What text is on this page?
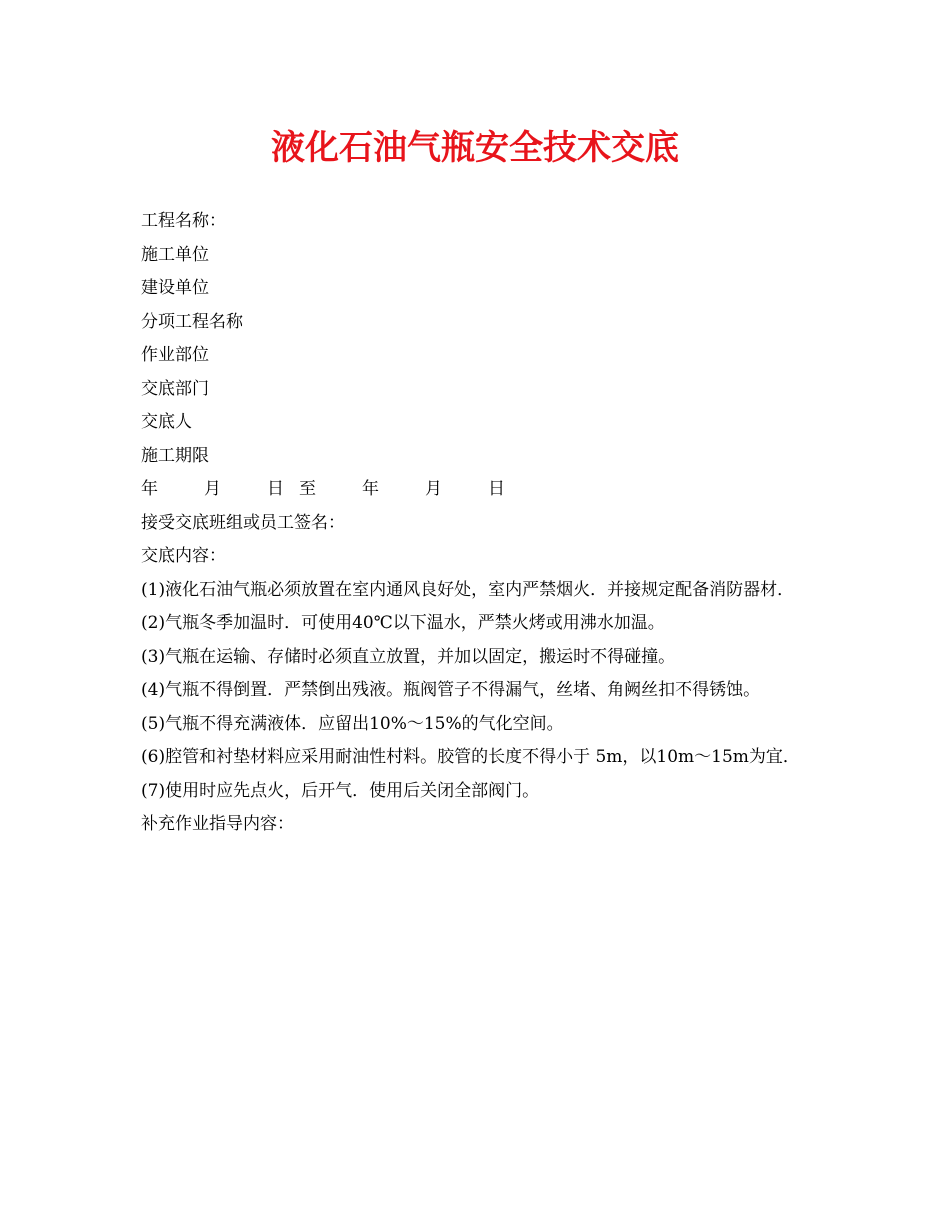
液化石油气瓶安全技术交底
工程名称：
施工单位
建设单位
分项工程名称
作业部位
交底部门
交底人
施工期限
年	月	日 至	年	月	日
接受交底班组或员工签名：
交底内容：
(1)液化石油气瓶必须放置在室内通风良好处，室内严禁烟火．并接规定配备消防器材．
(2)气瓶冬季加温时．可使用40℃以下温水，严禁火烤或用沸水加温。
(3)气瓶在运输、存储时必须直立放置，并加以固定，搬运时不得碰撞。
(4)气瓶不得倒置．严禁倒出残液。瓶阀管子不得漏气，丝堵、角阙丝扣不得锈蚀。
(5)气瓶不得充满液体．应留出10%～15%的气化空间。
(6)腔管和衬垫材料应采用耐油性村料。胶管的长度不得小于 5m，以10m～15m为宜．
(7)使用时应先点火，后开气．使用后关闭全部阀门。
补充作业指导内容：
